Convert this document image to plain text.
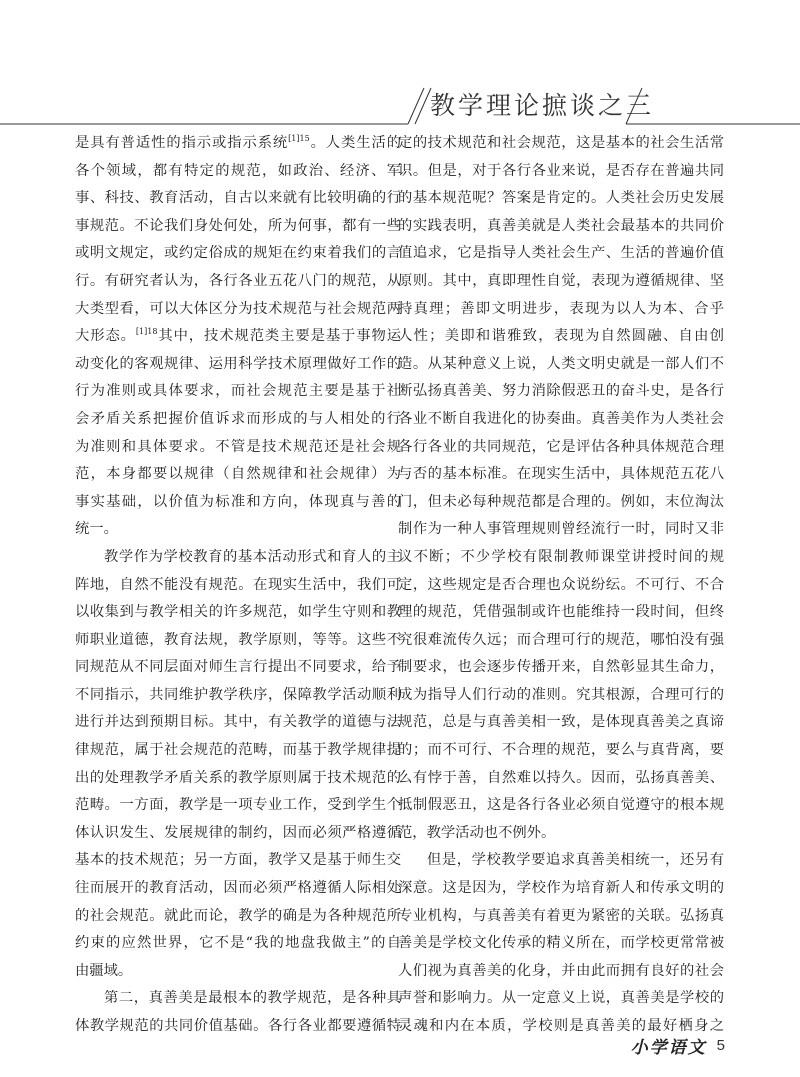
教学理论摭谈之三
是具有普适性的指示或指示系统$^{[1]15}$。人类生活的
各个领域，都有特定的规范，如政治、经济、军
事、科技、教育活动，自古以来就有比较明确的行
事规范。不论我们身处何处，所为何事，都有一些
或明文规定，或约定俗成的规矩在约束着我们的言
行。有研究者认为，各行各业五花八门的规范，从
大类型看，可以大体区分为技术规范与社会规范两
大形态。$^{[1]18}$其中，技术规范类主要是基于事物运
动变化的客观规律、运用科学技术原理做好工作的
行为准则或具体要求，而社会规范主要是基于社
会矛盾关系把握价值诉求而形成的与人相处的行
为准则和具体要求。不管是技术规范还是社会规
范，本身都要以规律（自然规律和社会规律）为
事实基础，以价值为标准和方向，体现真与善的
统一。
教学作为学校教育的基本活动形式和育人的主
阵地，自然不能没有规范。在现实生活中，我们可
以收集到与教学相关的许多规范，如学生守则和教
师职业道德，教育法规，教学原则，等等。这些不
同规范从不同层面对师生言行提出不同要求，给予
不同指示，共同维护教学秩序，保障教学活动顺利
进行并达到预期目标。其中，有关教学的道德与法
律规范，属于社会规范的范畴，而基于教学规律提
出的处理教学矛盾关系的教学原则属于技术规范的
范畴。一方面，教学是一项专业工作，受到学生个
体认识发生、发展规律的制约，因而必须严格遵循
基本的技术规范；另一方面，教学又是基于师生交
往而展开的教育活动，因而必须严格遵循人际相处
的社会规范。就此而论，教学的确是为各种规范所
约束的应然世界，它不是“我的地盘我做主”的自
由疆域。
第二，真善美是最根本的教学规范，是各种具
体教学规范的共同价值基础。各行各业都要遵循特
定的技术规范和社会规范，这是基本的社会生活常
识。但是，对于各行各业来说，是否存在普遍共同
的基本规范呢？答案是肯定的。人类社会历史发展
的实践表明，真善美就是人类社会最基本的共同价
值追求，它是指导人类社会生产、生活的普遍价值
原则。其中，真即理性自觉，表现为遵循规律、坚
持真理；善即文明进步，表现为以人为本、合乎
人性；美即和谐雅致，表现为自然圆融、自由创
造。从某种意义上说，人类文明史就是一部人们不
断弘扬真善美、努力消除假恶丑的奋斗史，是各行
各业不断自我进化的协奏曲。真善美作为人类社会
各行各业的共同规范，它是评估各种具体规范合理
与否的基本标准。在现实生活中，具体规范五花八
门，但未必每种规范都是合理的。例如，末位淘汰
制作为一种人事管理规则曾经流行一时，同时又非
议不断；不少学校有限制教师课堂讲授时间的规
定，这些规定是否合理也众说纷纭。不可行、不合
理的规范，凭借强制或许也能维持一段时间，但终
究很难流传久远；而合理可行的规范，哪怕没有强
制要求，也会逐步传播开来，自然彰显其生命力，
成为指导人们行动的准则。究其根源，合理可行的
规范，总是与真善美相一致，是体现真善美之真谛
的；而不可行、不合理的规范，要么与真背离，要
么有悖于善，自然难以持久。因而，弘扬真善美、
抵制假恶丑，这是各行各业必须自觉遵守的根本规
范，教学活动也不例外。
但是，学校教学要追求真善美相统一，还另有
深意。这是因为，学校作为培育新人和传承文明的
专业机构，与真善美有着更为紧密的关联。弘扬真
善美是学校文化传承的精义所在，而学校更常常被
人们视为真善美的化身，并由此而拥有良好的社会
声誉和影响力。从一定意义上说，真善美是学校的
灵魂和内在本质，学校则是真善美的最好栖身之
小学语文 5
